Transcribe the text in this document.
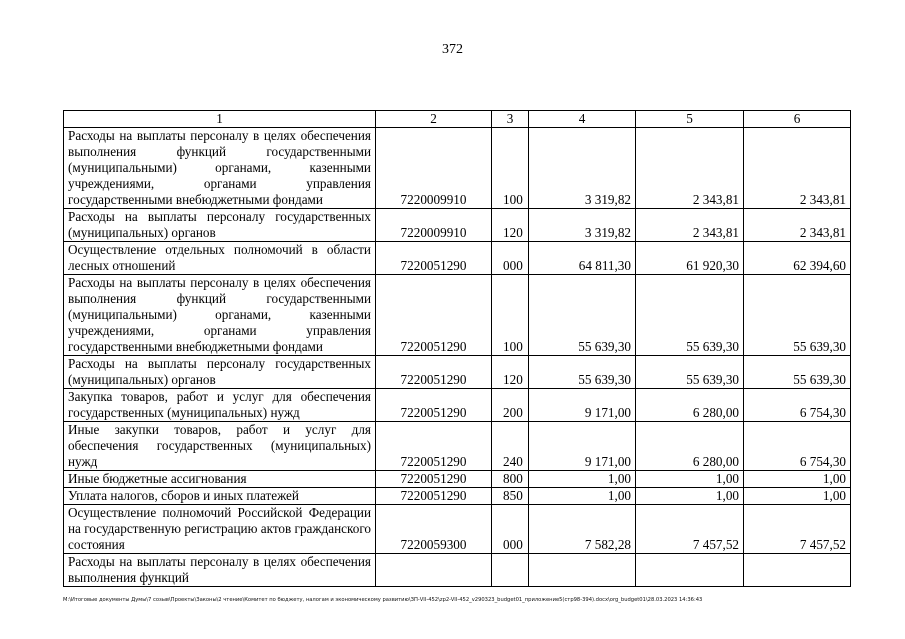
372
1	2	3	4	5	6
Расходы на выплаты персоналу в целях обеспечения выполнения функций государственными (муниципальными) органами, казенными учреждениями, органами управления государственными внебюджетными фондами	7220009910	100	3 319,82	2 343,81	2 343,81
Расходы на выплаты персоналу государственных (муниципальных) органов	7220009910	120	3 319,82	2 343,81	2 343,81
Осуществление отдельных полномочий в области лесных отношений	7220051290	000	64 811,30	61 920,30	62 394,60
Расходы на выплаты персоналу в целях обеспечения выполнения функций государственными (муниципальными) органами, казенными учреждениями, органами управления государственными внебюджетными фондами	7220051290	100	55 639,30	55 639,30	55 639,30
Расходы на выплаты персоналу государственных (муниципальных) органов	7220051290	120	55 639,30	55 639,30	55 639,30
Закупка товаров, работ и услуг для обеспечения государственных (муниципальных) нужд	7220051290	200	9 171,00	6 280,00	6 754,30
Иные закупки товаров, работ и услуг для обеспечения государственных (муниципальных) нужд	7220051290	240	9 171,00	6 280,00	6 754,30
Иные бюджетные ассигнования	7220051290	800	1,00	1,00	1,00
Уплата налогов, сборов и иных платежей	7220051290	850	1,00	1,00	1,00
Осуществление полномочий Российской Федерации на государственную регистрацию актов гражданского состояния	7220059300	000	7 582,28	7 457,52	7 457,52
Расходы на выплаты персоналу в целях обеспечения выполнения функций					
M:\Итоговые документы Думы\7 созыв\Проекты\Законы\2 чтение\Комитет по бюджету, налогам и экономическому развитию\ЗП-VII-452\zp2-VII-452_v290323_budget01_приложение5(стр98-394).docx\org_budget01\28.03.2023 14:36:43
